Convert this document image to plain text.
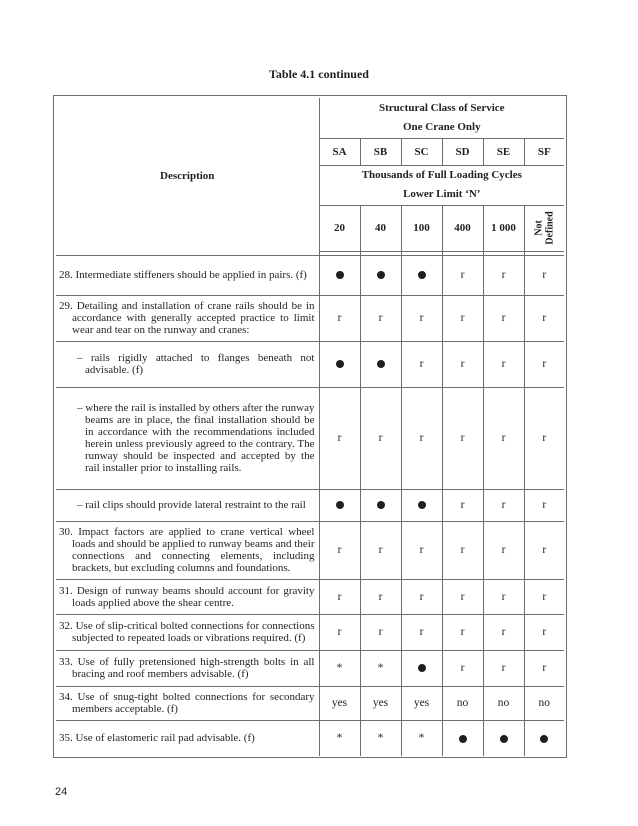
Table 4.1 continued
Description	Structural Class of Service
One Crane Only					

	SA	SB	SC	SD	SE	SF

	Thousands of Full Loading Cycles
Lower Limit ‘N’					

	20	40	100	400	1 000	Not
Defined

28. Intermediate stiffeners should be applied in pairs. (f)				r	r	r

29. Detailing and installation of crane rails should be in accordance with generally accepted practice to limit wear and tear on the runway and cranes:	r	r	r	r	r	r

– rails rigidly attached to flanges beneath not advisable. (f)			r	r	r	r

– where the rail is installed by others after the runway beams are in place, the final installation should be in accordance with the recommendations included herein unless previously agreed to the contrary. The runway should be inspected and accepted by the rail installer prior to installing rails.	r	r	r	r	r	r

– rail clips should provide lateral restraint to the rail				r	r	r

30. Impact factors are applied to crane vertical wheel loads and should be applied to runway beams and their connections and connecting elements, including brackets, but excluding columns and foundations.	r	r	r	r	r	r

31. Design of runway beams should account for gravity loads applied above the shear centre.	r	r	r	r	r	r

32. Use of slip-critical bolted connections for connections subjected to repeated loads or vibrations required. (f)	r	r	r	r	r	r

33. Use of fully pretensioned high-strength bolts in all bracing and roof members advisable. (f)	*	*		r	r	r

34. Use of snug-tight bolted connections for secondary members acceptable. (f)	yes	yes	yes	no	no	no

35. Use of elastomeric rail pad advisable. (f)	*	*	*			
24
